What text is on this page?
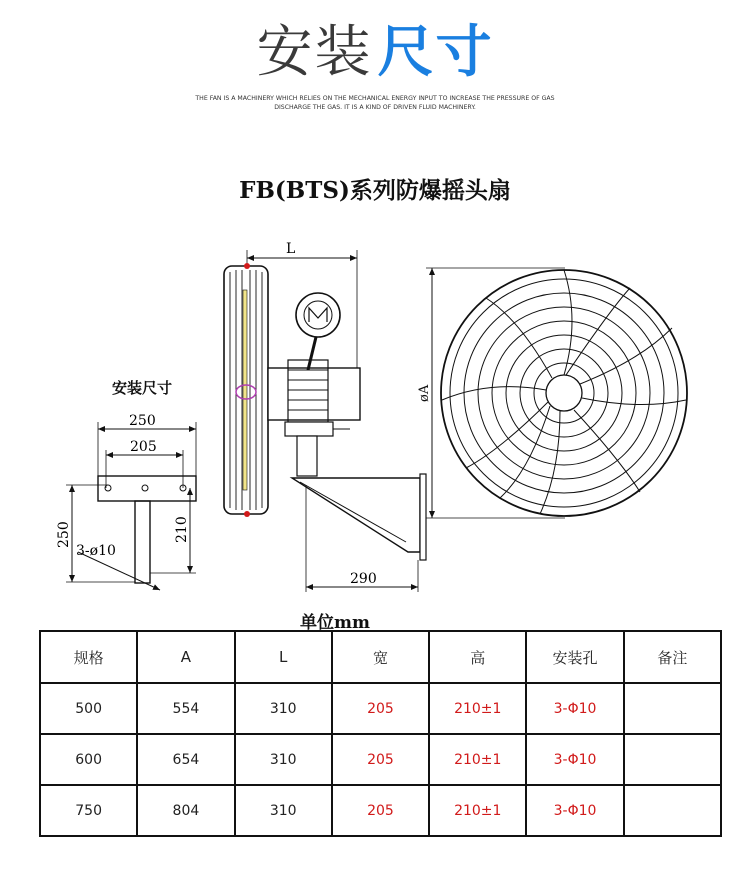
安装 尺寸
THE FAN IS A MACHINERY WHICH RELIES ON THE MECHANICAL ENERGY INPUT TO INCREASE THE PRESSURE OF GAS
DISCHARGE THE GAS. IT IS A KIND OF DRIVEN FLUID MACHINERY.
FB(BTS)系列防爆摇头扇
安装尺寸
250
205
250	210
3-ø10
L
290
øA
单位mm
规格	A	L	宽	高	安装孔	备注
500	554	310	205	210±1	3-Φ10	
600	654	310	205	210±1	3-Φ10	
750	804	310	205	210±1	3-Φ10	
